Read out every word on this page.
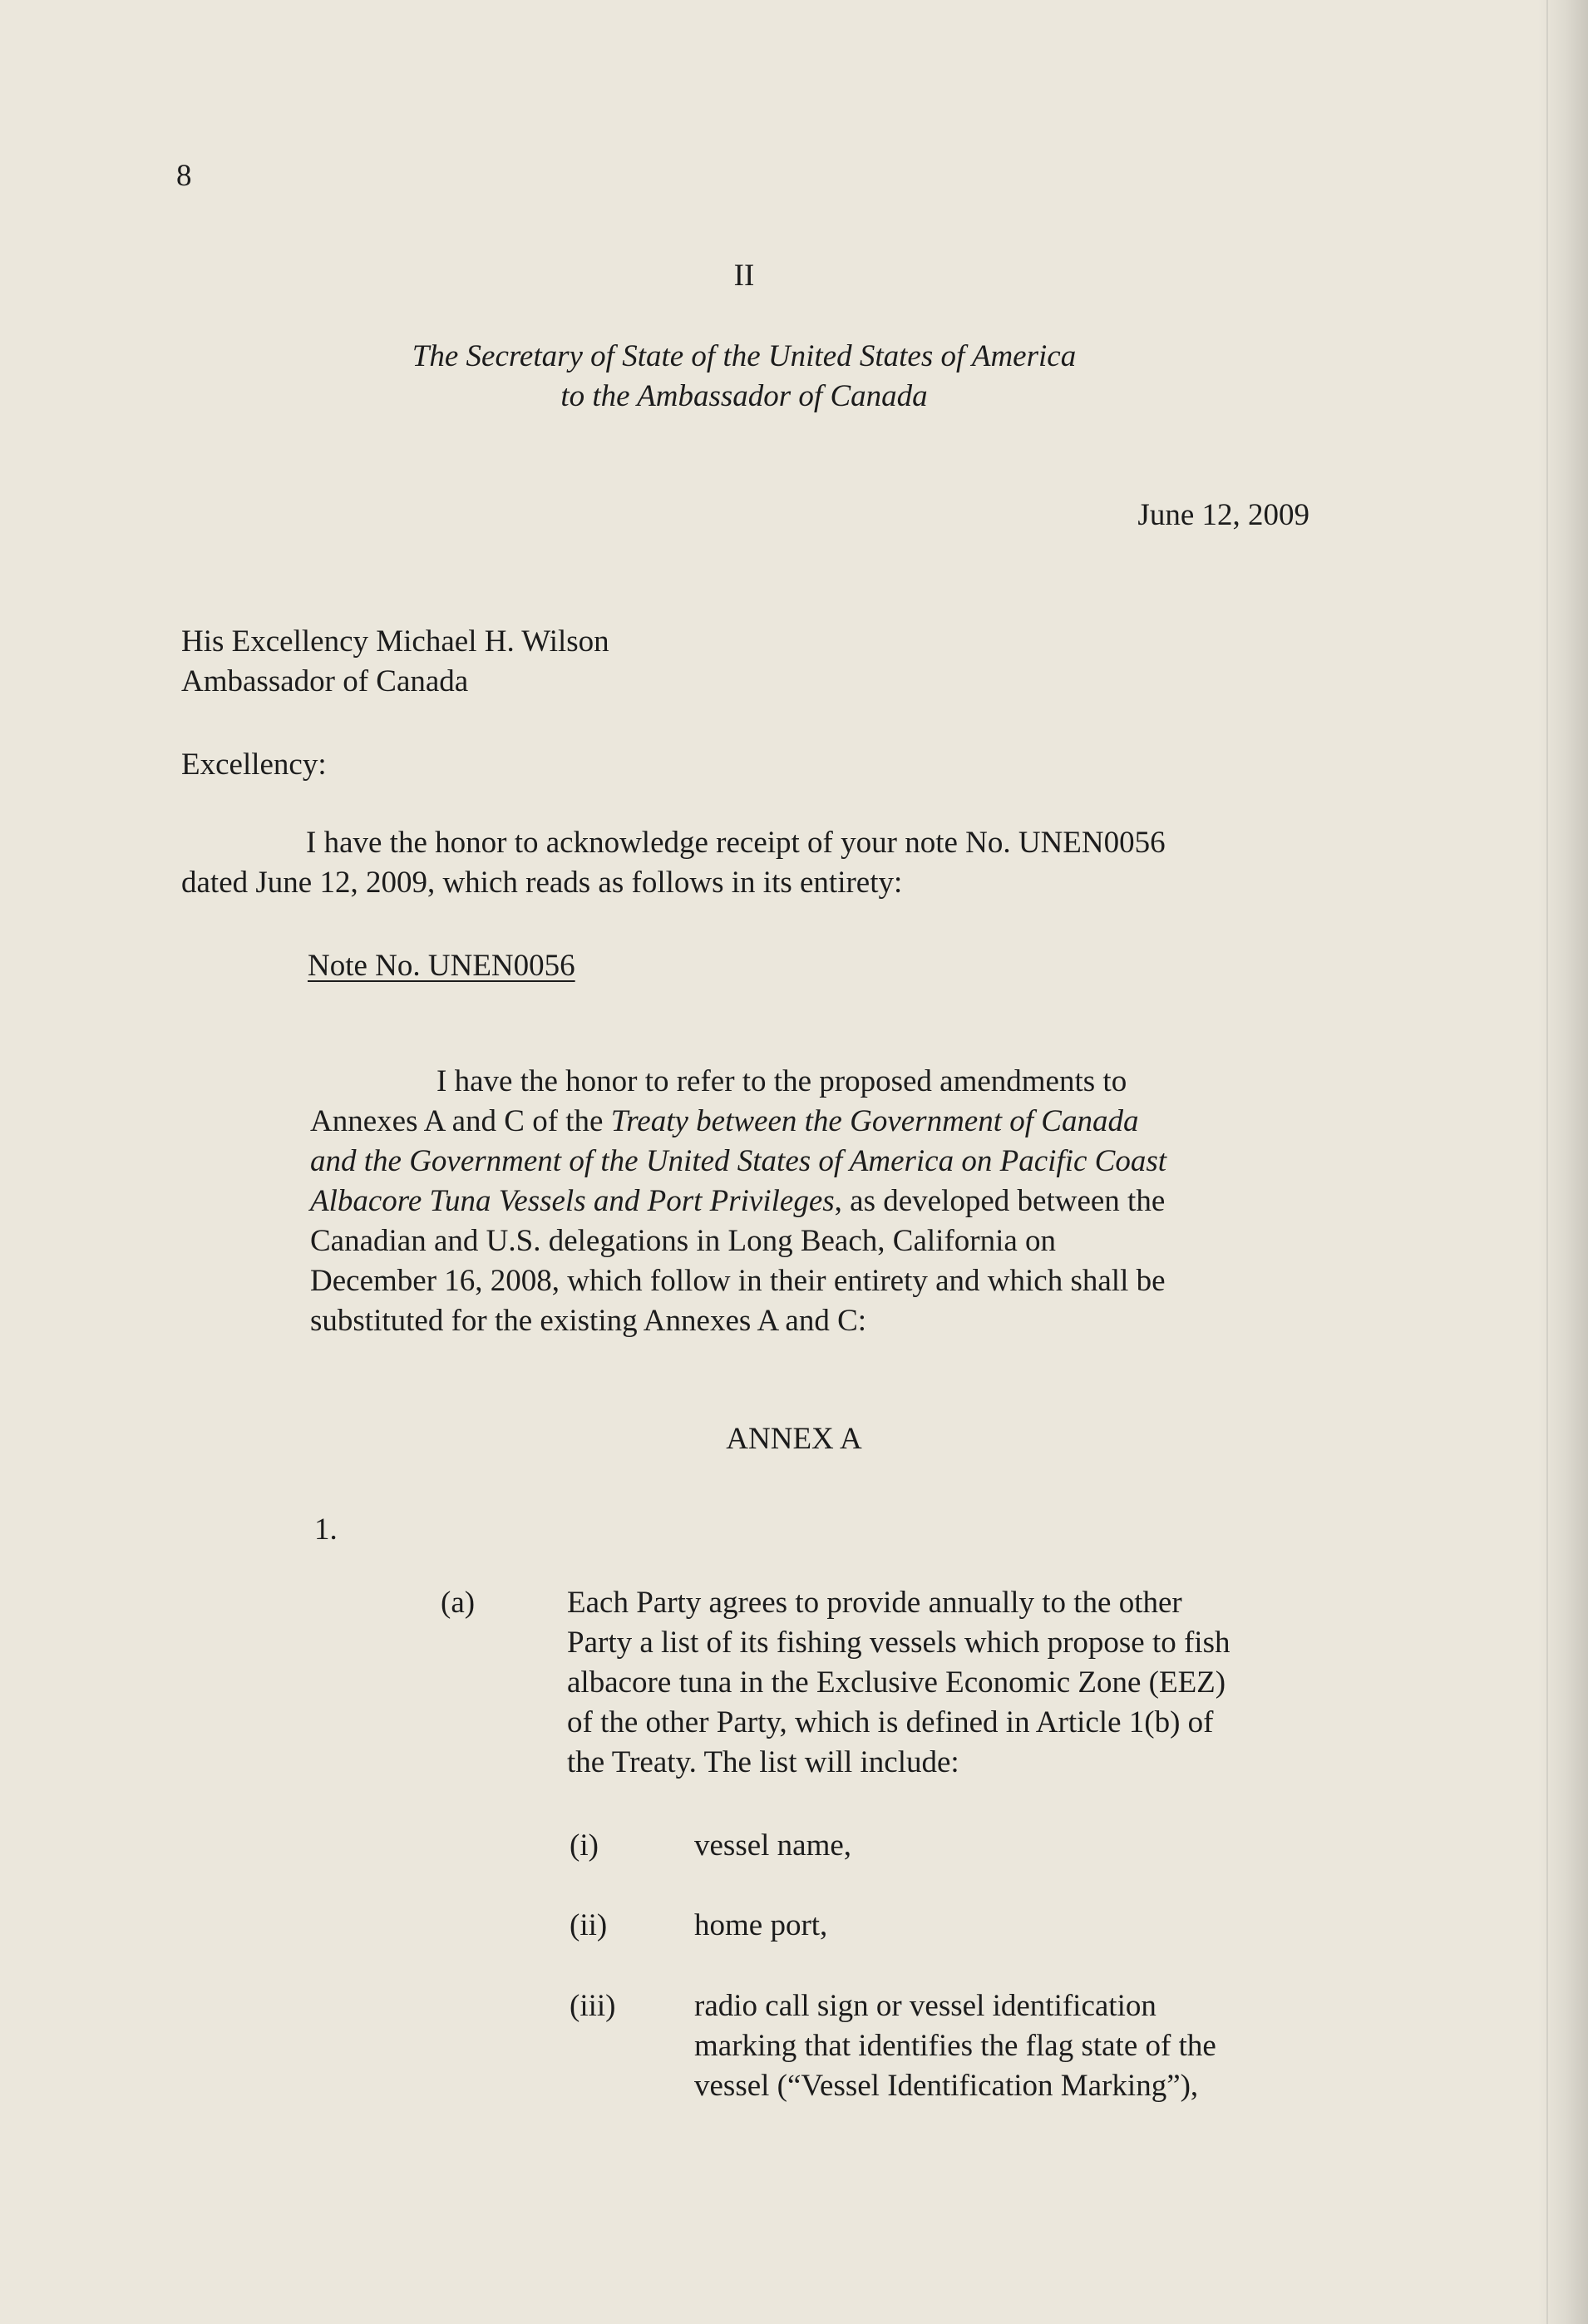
8

II

The Secretary of State of the United States of America

to the Ambassador of Canada

June 12, 2009

His Excellency Michael H. Wilson

Ambassador of Canada

Excellency:

I have the honor to acknowledge receipt of your note No. UNEN0056

dated June 12, 2009, which reads as follows in its entirety:

Note No. UNEN0056

I have the honor to refer to the proposed amendments to

Annexes A and C of the Treaty between the Government of Canada

and the Government of the United States of America on Pacific Coast

Albacore Tuna Vessels and Port Privileges, as developed between the

Canadian and U.S. delegations in Long Beach, California on

December 16, 2008, which follow in their entirety and which shall be

substituted for the existing Annexes A and C:

ANNEX A

1.

(a)	Each Party agrees to provide annually to the other

Party a list of its fishing vessels which propose to fish

albacore tuna in the Exclusive Economic Zone (EEZ)

of the other Party, which is defined in Article 1(b) of

the Treaty. The list will include:

(i)	vessel name,

(ii)	home port,

(iii)	radio call sign or vessel identification

marking that identifies the flag state of the

vessel (“Vessel Identification Marking”),
